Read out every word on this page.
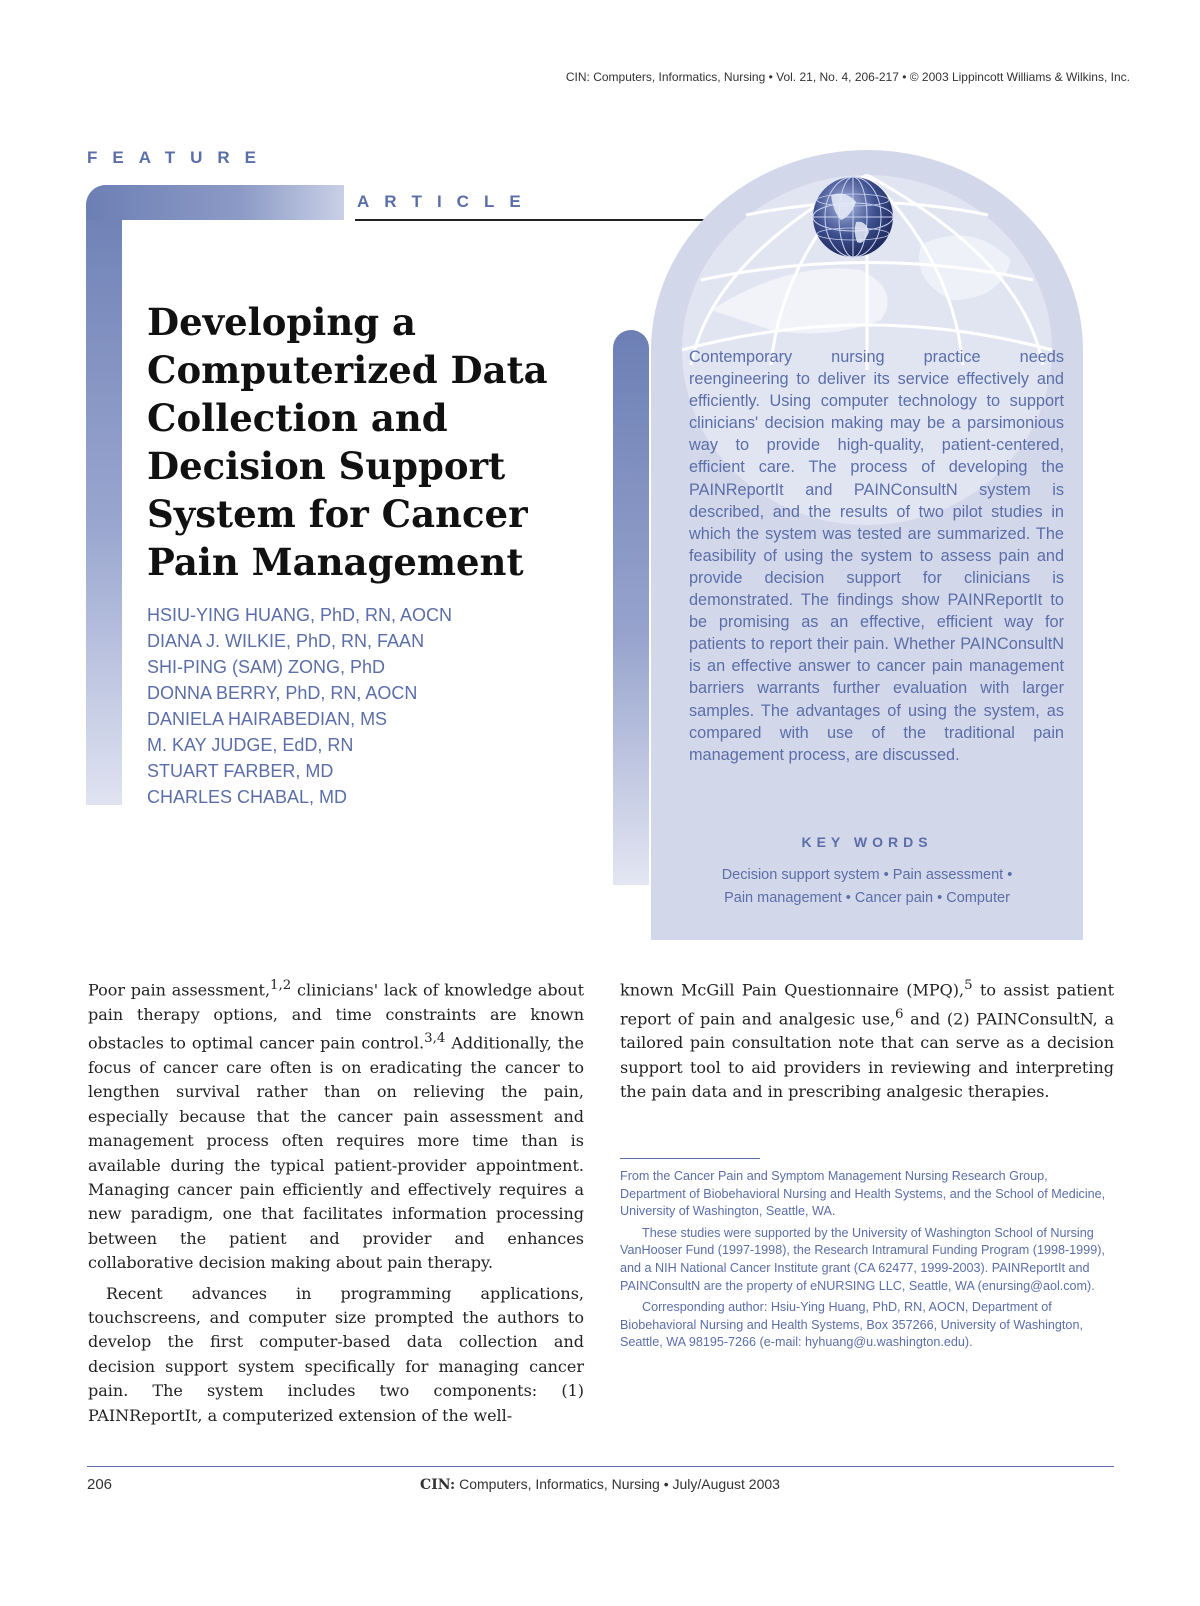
CIN: Computers, Informatics, Nursing • Vol. 21, No. 4, 206-217 • © 2003 Lippincott Williams & Wilkins, Inc.
FEATURE
ARTICLE
Developing a Computerized Data Collection and Decision Support System for Cancer Pain Management
HSIU-YING HUANG, PhD, RN, AOCN
DIANA J. WILKIE, PhD, RN, FAAN
SHI-PING (SAM) ZONG, PhD
DONNA BERRY, PhD, RN, AOCN
DANIELA HAIRABEDIAN, MS
M. KAY JUDGE, EdD, RN
STUART FARBER, MD
CHARLES CHABAL, MD

Contemporary nursing practice needs reengineering to deliver its service effectively and efficiently. Using computer technology to support clinicians' decision making may be a parsimonious way to provide high-quality, patient-centered, efficient care. The process of developing the PAINReportIt and PAINConsultN system is described, and the results of two pilot studies in which the system was tested are summarized. The feasibility of using the system to assess pain and provide decision support for clinicians is demonstrated. The findings show PAINReportIt to be promising as an effective, efficient way for patients to report their pain. Whether PAINConsultN is an effective answer to cancer pain management barriers warrants further evaluation with larger samples. The advantages of using the system, as compared with use of the traditional pain management process, are discussed.

KEY WORDS
Decision support system • Pain assessment •
Pain management • Cancer pain • Computer

Poor pain assessment,$^{1,2}$ clinicians' lack of knowledge about pain therapy options, and time constraints are known obstacles to optimal cancer pain control.$^{3,4}$ Additionally, the focus of cancer care often is on eradicating the cancer to lengthen survival rather than on relieving the pain, especially because that the cancer pain assessment and management process often requires more time than is available during the typical patient-provider appointment. Managing cancer pain efficiently and effectively requires a new paradigm, one that facilitates information processing between the patient and provider and enhances collaborative decision making about pain therapy.

Recent advances in programming applications, touchscreens, and computer size prompted the authors to develop the first computer-based data collection and decision support system specifically for managing cancer pain. The system includes two components: (1) PAINReportIt, a computerized extension of the well-

known McGill Pain Questionnaire (MPQ),$^5$ to assist patient report of pain and analgesic use,$^6$ and (2) PAINConsultN, a tailored pain consultation note that can serve as a decision support tool to aid providers in reviewing and interpreting the pain data and in prescribing analgesic therapies.

From the Cancer Pain and Symptom Management Nursing Research Group, Department of Biobehavioral Nursing and Health Systems, and the School of Medicine, University of Washington, Seattle, WA.

These studies were supported by the University of Washington School of Nursing VanHooser Fund (1997-1998), the Research Intramural Funding Program (1998-1999), and a NIH National Cancer Institute grant (CA 62477, 1999-2003). PAINReportIt and PAINConsultN are the property of eNURSING LLC, Seattle, WA (enursing@aol.com).

Corresponding author: Hsiu-Ying Huang, PhD, RN, AOCN, Department of Biobehavioral Nursing and Health Systems, Box 357266, University of Washington, Seattle, WA 98195-7266 (e-mail: hyhuang@u.washington.edu).

206	CIN: Computers, Informatics, Nursing • July/August 2003
